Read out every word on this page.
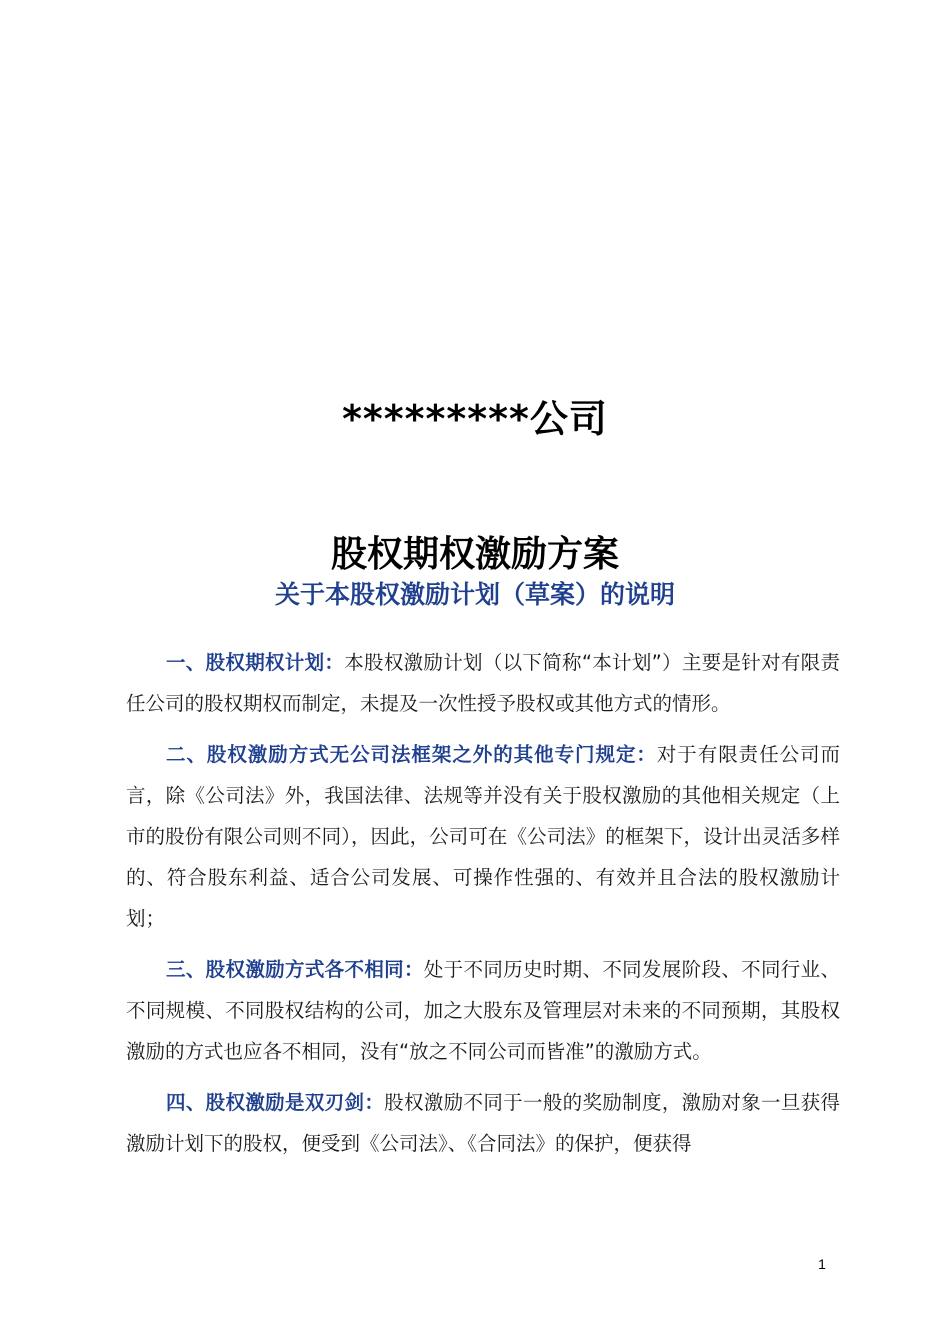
*********公司
股权期权激励方案
关于本股权激励计划（草案）的说明

一、股权期权计划：本股权激励计划（以下简称“本计划”）主要是针对有限责任公司的股权期权而制定，未提及一次性授予股权或其他方式的情形。

二、股权激励方式无公司法框架之外的其他专门规定：对于有限责任公司而言，除《公司法》外，我国法律、法规等并没有关于股权激励的其他相关规定（上市的股份有限公司则不同），因此，公司可在《公司法》的框架下，设计出灵活多样的、符合股东利益、适合公司发展、可操作性强的、有效并且合法的股权激励计划；

三、股权激励方式各不相同：处于不同历史时期、不同发展阶段、不同行业、不同规模、不同股权结构的公司，加之大股东及管理层对未来的不同预期，其股权激励的方式也应各不相同，没有“放之不同公司而皆准”的激励方式。

四、股权激励是双刃剑：股权激励不同于一般的奖励制度，激励对象一旦获得激励计划下的股权，便受到《公司法》、《合同法》的保护，便获得

1
